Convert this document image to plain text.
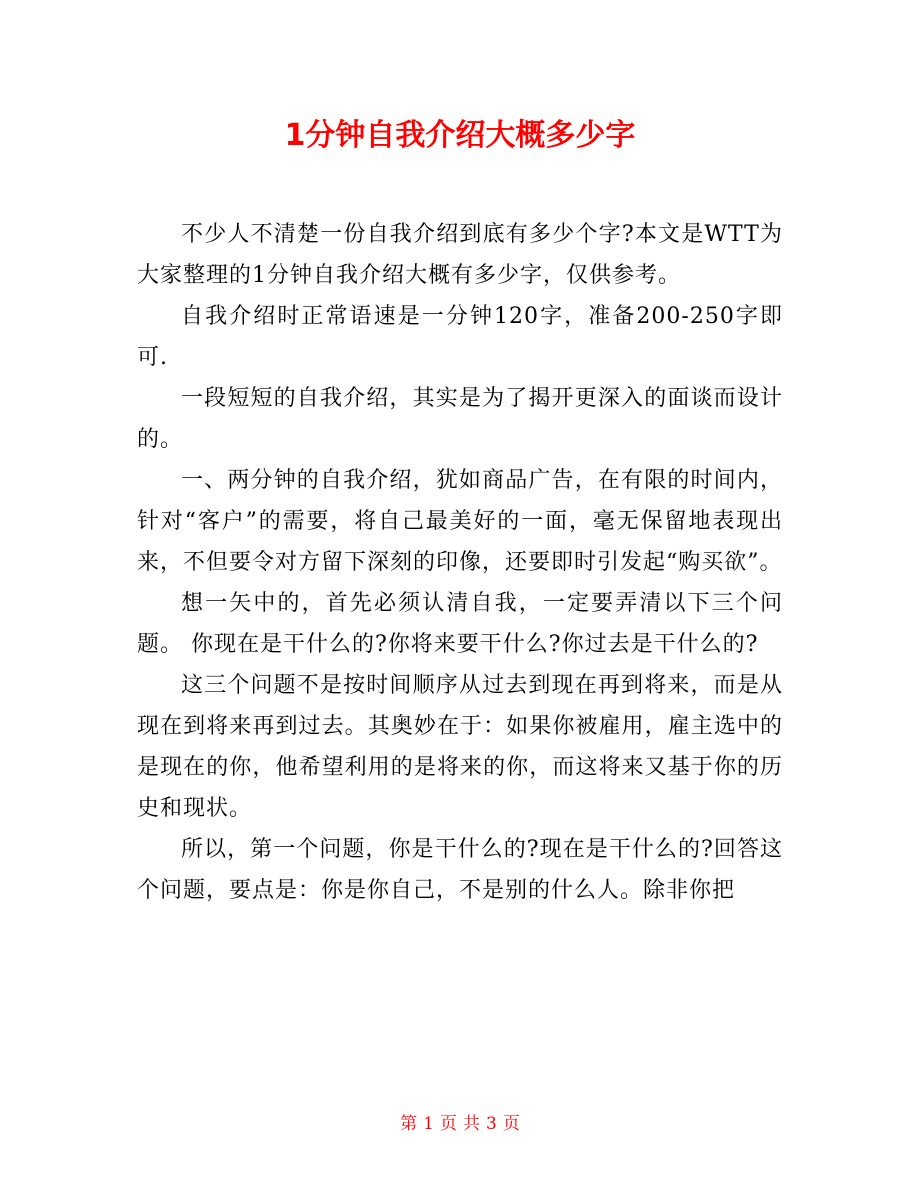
1分钟自我介绍大概多少字

不少人不清楚一份自我介绍到底有多少个字?本文是WTT为大家整理的1分钟自我介绍大概有多少字，仅供参考。

自我介绍时正常语速是一分钟120字，准备200-250字即可.

一段短短的自我介绍，其实是为了揭开更深入的面谈而设计的。

一、两分钟的自我介绍，犹如商品广告，在有限的时间内，针对“客户”的需要，将自己最美好的一面，毫无保留地表现出来，不但要令对方留下深刻的印像，还要即时引发起“购买欲”。

想一矢中的，首先必须认清自我，一定要弄清以下三个问题。 你现在是干什么的?你将来要干什么?你过去是干什么的?

这三个问题不是按时间顺序从过去到现在再到将来，而是从现在到将来再到过去。其奥妙在于：如果你被雇用，雇主选中的是现在的你，他希望利用的是将来的你，而这将来又基于你的历史和现状。

所以，第一个问题，你是干什么的?现在是干什么的?回答这个问题，要点是：你是你自己，不是别的什么人。除非你把

第 1 页 共 3 页
